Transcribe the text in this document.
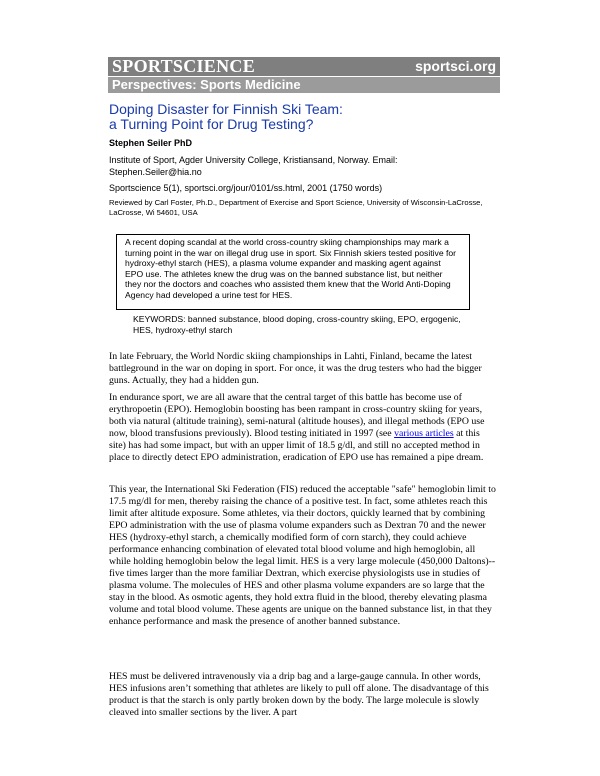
SPORTSCIENCE	sportsci.org
Perspectives: Sports Medicine
Doping Disaster for Finnish Ski Team:
a Turning Point for Drug Testing?
Stephen Seiler PhD
Institute of Sport, Agder University College, Kristiansand, Norway. Email: Stephen.Seiler@hia.no
Sportscience 5(1), sportsci.org/jour/0101/ss.html, 2001 (1750 words)
Reviewed by Carl Foster, Ph.D., Department of Exercise and Sport Science, University of Wisconsin-LaCrosse, LaCrosse, Wi 54601, USA
A recent doping scandal at the world cross-country skiing championships may mark a turning point in the war on illegal drug use in sport. Six Finnish skiers tested positive for hydroxy-ethyl starch (HES), a plasma volume expander and masking agent against EPO use. The athletes knew the drug was on the banned substance list, but neither they nor the doctors and coaches who assisted them knew that the World Anti-Doping Agency had developed a urine test for HES.
KEYWORDS: banned substance, blood doping, cross-country skiing, EPO, ergogenic, HES, hydroxy-ethyl starch

In late February, the World Nordic skiing championships in Lahti, Finland, became the latest battleground in the war on doping in sport. For once, it was the drug testers who had the bigger guns. Actually, they had a hidden gun.

In endurance sport, we are all aware that the central target of this battle has become use of erythropoetin (EPO). Hemoglobin boosting has been rampant in cross-country skiing for years, both via natural (altitude training), semi-natural (altitude houses), and illegal methods (EPO use now, blood transfusions previously). Blood testing initiated in 1997 (see various articles at this site) has had some impact, but with an upper limit of 18.5 g/dl, and still no accepted method in place to directly detect EPO administration, eradication of EPO use has remained a pipe dream.

This year, the International Ski Federation (FIS) reduced the acceptable "safe" hemoglobin limit to 17.5 mg/dl for men, thereby raising the chance of a positive test. In fact, some athletes reach this limit after altitude exposure. Some athletes, via their doctors, quickly learned that by combining EPO administration with the use of plasma volume expanders such as Dextran 70 and the newer HES (hydroxy-ethyl starch, a chemically modified form of corn starch), they could achieve performance enhancing combination of elevated total blood volume and high hemoglobin, all while holding hemoglobin below the legal limit. HES is a very large molecule (450,000 Daltons)--five times larger than the more familiar Dextran, which exercise physiologists use in studies of plasma volume. The molecules of HES and other plasma volume expanders are so large that the stay in the blood. As osmotic agents, they hold extra fluid in the blood, thereby elevating plasma volume and total blood volume. These agents are unique on the banned substance list, in that they enhance performance and mask the presence of another banned substance.

HES must be delivered intravenously via a drip bag and a large-gauge cannula. In other words, HES infusions aren’t something that athletes are likely to pull off alone. The disadvantage of this product is that the starch is only partly broken down by the body. The large molecule is slowly cleaved into smaller sections by the liver. A part
